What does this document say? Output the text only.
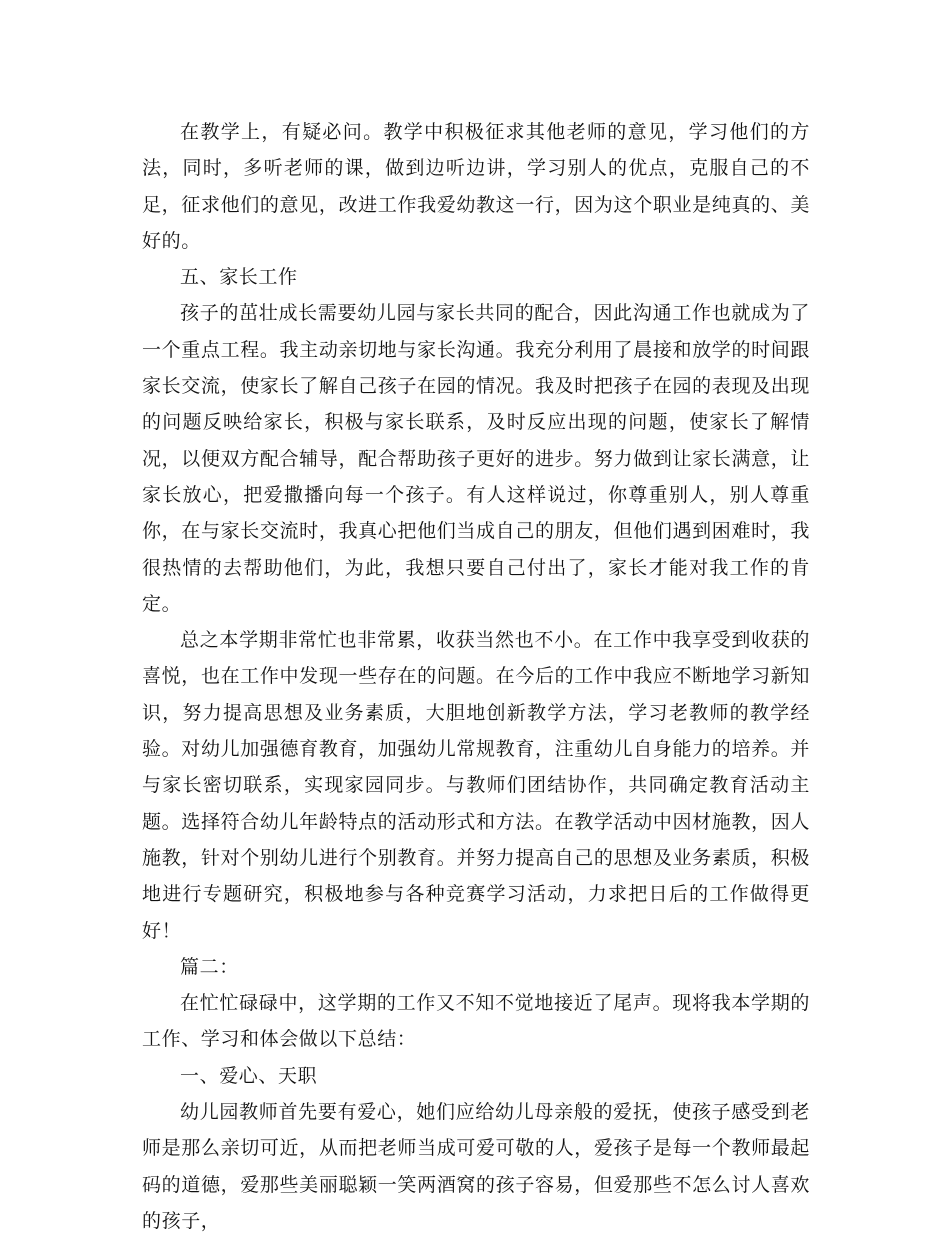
在教学上，有疑必问。教学中积极征求其他老师的意见，学习他们的方法，同时，多听老师的课，做到边听边讲，学习别人的优点，克服自己的不足，征求他们的意见，改进工作我爱幼教这一行，因为这个职业是纯真的、美好的。

五、家长工作

孩子的茁壮成长需要幼儿园与家长共同的配合，因此沟通工作也就成为了一个重点工程。我主动亲切地与家长沟通。我充分利用了晨接和放学的时间跟家长交流，使家长了解自己孩子在园的情况。我及时把孩子在园的表现及出现的问题反映给家长，积极与家长联系，及时反应出现的问题，使家长了解情况，以便双方配合辅导，配合帮助孩子更好的进步。努力做到让家长满意，让家长放心，把爱撒播向每一个孩子。有人这样说过，你尊重别人，别人尊重你，在与家长交流时，我真心把他们当成自己的朋友，但他们遇到困难时，我很热情的去帮助他们，为此，我想只要自己付出了，家长才能对我工作的肯定。

总之本学期非常忙也非常累，收获当然也不小。在工作中我享受到收获的喜悦，也在工作中发现一些存在的问题。在今后的工作中我应不断地学习新知识，努力提高思想及业务素质，大胆地创新教学方法，学习老教师的教学经验。对幼儿加强德育教育，加强幼儿常规教育，注重幼儿自身能力的培养。并与家长密切联系，实现家园同步。与教师们团结协作，共同确定教育活动主题。选择符合幼儿年龄特点的活动形式和方法。在教学活动中因材施教，因人施教，针对个别幼儿进行个别教育。并努力提高自己的思想及业务素质，积极地进行专题研究，积极地参与各种竞赛学习活动，力求把日后的工作做得更好！

篇二：

在忙忙碌碌中，这学期的工作又不知不觉地接近了尾声。现将我本学期的工作、学习和体会做以下总结：

一、爱心、天职

幼儿园教师首先要有爱心，她们应给幼儿母亲般的爱抚，使孩子感受到老师是那么亲切可近，从而把老师当成可爱可敬的人，爱孩子是每一个教师最起码的道德，爱那些美丽聪颖一笑两酒窝的孩子容易，但爱那些不怎么讨人喜欢的孩子，
